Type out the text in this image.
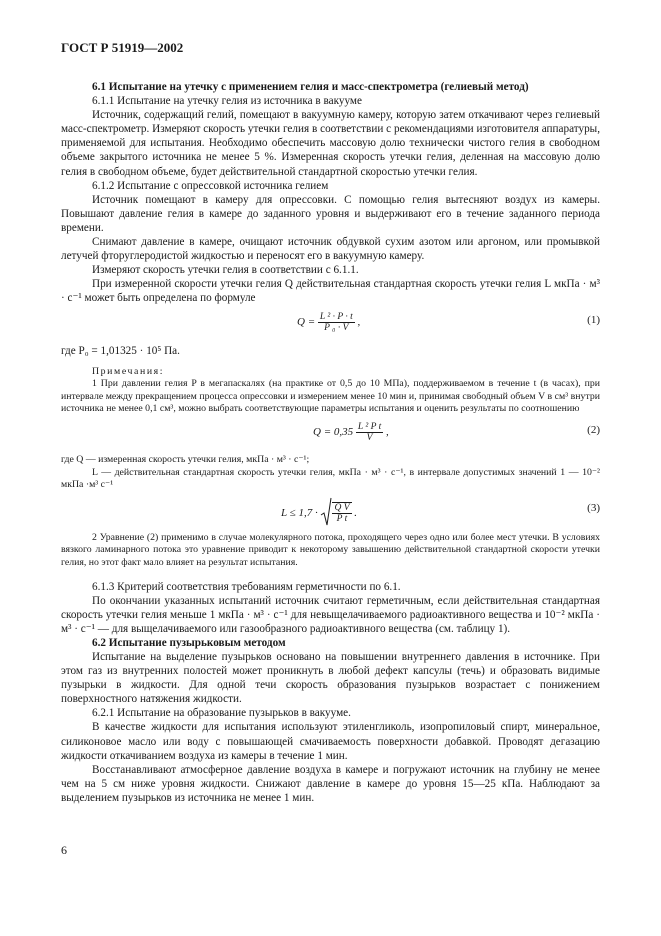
ГОСТ Р 51919—2002

6.1 Испытание на утечку с применением гелия и масс-спектрометра (гелиевый метод)

6.1.1 Испытание на утечку гелия из источника в вакууме

Источник, содержащий гелий, помещают в вакуумную камеру, которую затем откачивают через гелиевый масс-спектрометр. Измеряют скорость утечки гелия в соответствии с рекомендациями изготовителя аппаратуры, применяемой для испытания. Необходимо обеспечить массовую долю технически чистого гелия в свободном объеме закрытого источника не менее 5 %. Измеренная скорость утечки гелия, деленная на массовую долю гелия в свободном объеме, будет действительной стандартной скоростью утечки гелия.

6.1.2 Испытание с опрессовкой источника гелием

Источник помещают в камеру для опрессовки. С помощью гелия вытесняют воздух из камеры. Повышают давление гелия в камере до заданного уровня и выдерживают его в течение заданного периода времени.

Снимают давление в камере, очищают источник обдувкой сухим азотом или аргоном, или промывкой летучей фторуглеродистой жидкостью и переносят его в вакуумную камеру.

Измеряют скорость утечки гелия в соответствии с 6.1.1.

При измеренной скорости утечки гелия Q действительная стандартная скорость утечки гелия L мкПа · м³ · с⁻¹ может быть определена по формуле

$Q = \frac{\text{L ² · P · t}}{\text{P ₀ · V}}$ ,	(1)

где P₀ = 1,01325 · 10⁵ Па.

Примечания:

1 При давлении гелия P в мегапаскалях (на практике от 0,5 до 10 МПа), поддерживаемом в течение t (в часах), при интервале между прекращением процесса опрессовки и измерением менее 10 мин и, принимая свободный объем V в см³ внутри источника не менее 0,1 см³, можно выбрать соответствующие параметры испытания и оценить результаты по соотношению

$Q = 0,35 \frac{\text{L ² P t}}{V}$ ,	(2)

где Q — измеренная скорость утечки гелия, мкПа · м³ · с⁻¹;

L — действительная стандартная скорость утечки гелия, мкПа · м³ · с⁻¹, в интервале допустимых значений 1 — 10⁻² мкПа ·м³ с⁻¹

$L \le 1,7 \cdot \frac{\text{Q V}}{\text{P t}}$ .	(3)

2 Уравнение (2) применимо в случае молекулярного потока, проходящего через одно или более мест утечки. В условиях вязкого ламинарного потока это уравнение приводит к некоторому завышению действительной стандартной скорости утечки гелия, но этот факт мало влияет на результат испытания.

6.1.3 Критерий соответствия требованиям герметичности по 6.1.

По окончании указанных испытаний источник считают герметичным, если действительная стандартная скорость утечки гелия меньше 1 мкПа · м³ · с⁻¹ для невыщелачиваемого радиоактивного вещества и 10⁻² мкПа · м³ · с⁻¹ — для выщелачиваемого или газообразного радиоактивного вещества (см. таблицу 1).

6.2 Испытание пузырьковым методом

Испытание на выделение пузырьков основано на повышении внутреннего давления в источнике. При этом газ из внутренних полостей может проникнуть в любой дефект капсулы (течь) и образовать видимые пузырьки в жидкости. Для одной течи скорость образования пузырьков возрастает с понижением поверхностного натяжения жидкости.

6.2.1 Испытание на образование пузырьков в вакууме.

В качестве жидкости для испытания используют этиленгликоль, изопропиловый спирт, минеральное, силиконовое масло или воду с повышающей смачиваемость поверхности добавкой. Проводят дегазацию жидкости откачиванием воздуха из камеры в течение 1 мин.

Восстанавливают атмосферное давление воздуха в камере и погружают источник на глубину не менее чем на 5 см ниже уровня жидкости. Снижают давление в камере до уровня 15—25 кПа. Наблюдают за выделением пузырьков из источника не менее 1 мин.

6
